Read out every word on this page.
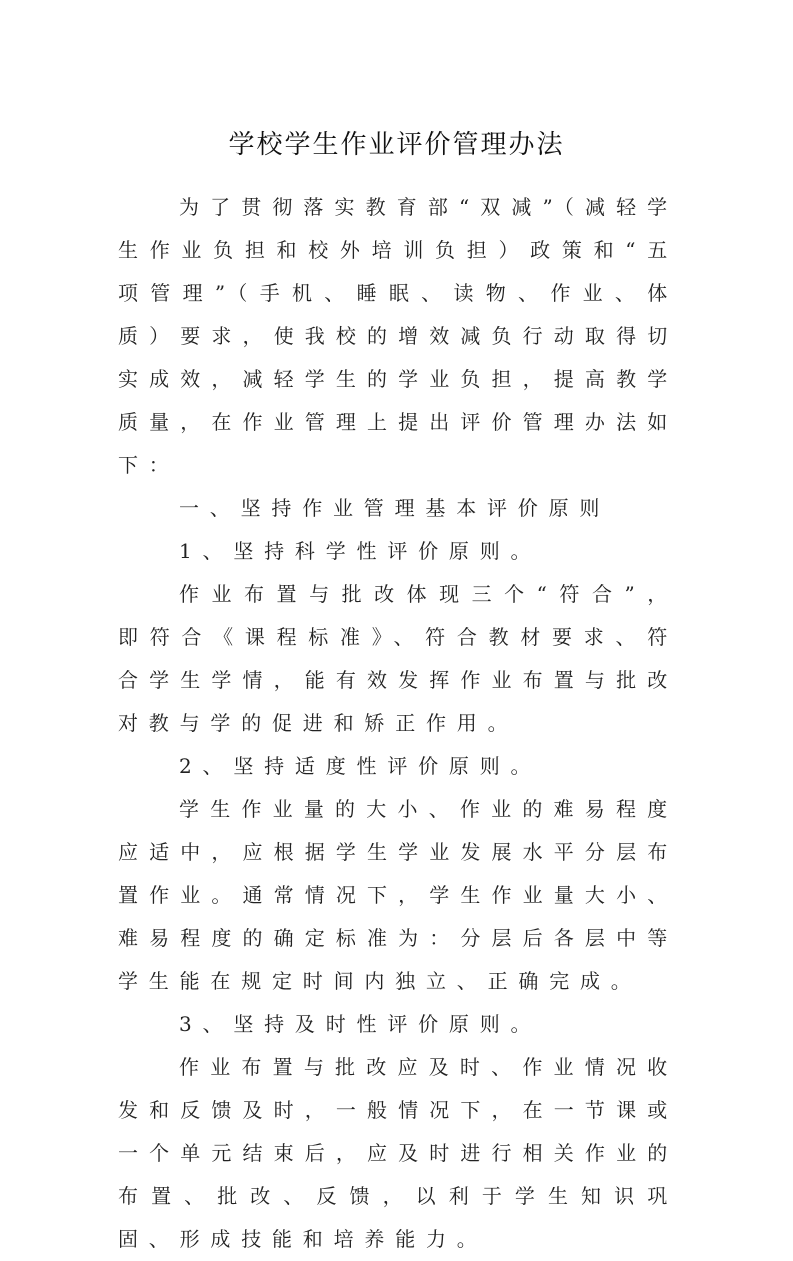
学校学生作业评价管理办法

为了贯彻落实教育部“双减”（减轻学生作业负担和校外培训负担）政策和“五项管理”（手机、睡眠、读物、作业、体质）要求，使我校的增效减负行动取得切实成效，减轻学生的学业负担，提高教学质量，在作业管理上提出评价管理办法如下：

一、坚持作业管理基本评价原则

1、坚持科学性评价原则。

作业布置与批改体现三个“符合”，即符合《课程标准》、符合教材要求、符合学生学情，能有效发挥作业布置与批改对教与学的促进和矫正作用。

2、坚持适度性评价原则。

学生作业量的大小、作业的难易程度应适中，应根据学生学业发展水平分层布置作业。通常情况下，学生作业量大小、难易程度的确定标准为：分层后各层中等学生能在规定时间内独立、正确完成。

3、坚持及时性评价原则。

作业布置与批改应及时、作业情况收发和反馈及时，一般情况下，在一节课或一个单元结束后，应及时进行相关作业的布置、批改、反馈，以利于学生知识巩固、形成技能和培养能力。
